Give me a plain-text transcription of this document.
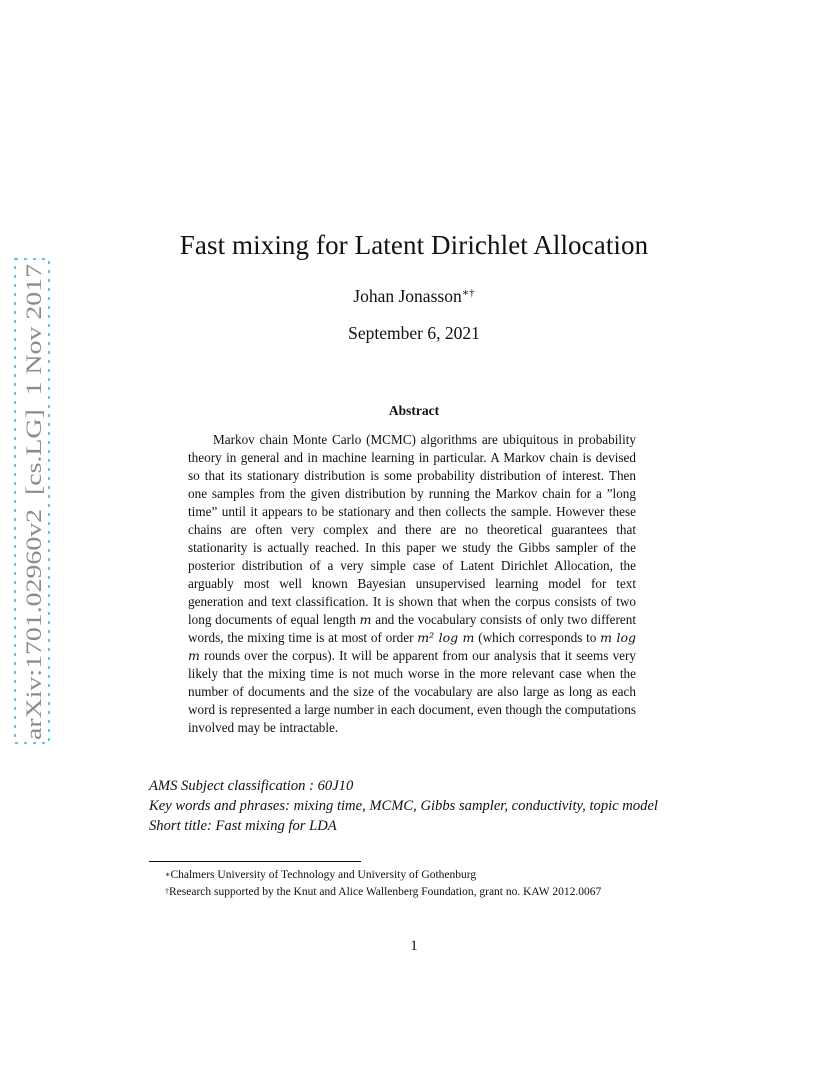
arXiv:1701.02960v2  [cs.LG]  1 Nov 2017
Fast mixing for Latent Dirichlet Allocation
Johan Jonasson∗†
September 6, 2021
Abstract

Markov chain Monte Carlo (MCMC) algorithms are ubiquitous in probability theory in general and in machine learning in particular. A Markov chain is devised so that its stationary distribution is some probability distribution of interest. Then one samples from the given distribution by running the Markov chain for a ”long time” until it appears to be stationary and then collects the sample. However these chains are often very complex and there are no theoretical guarantees that stationarity is actually reached. In this paper we study the Gibbs sampler of the posterior distribution of a very simple case of Latent Dirichlet Allocation, the arguably most well known Bayesian unsupervised learning model for text generation and text classification. It is shown that when the corpus consists of two long documents of equal length m and the vocabulary consists of only two different words, the mixing time is at most of order m² log m (which corresponds to m log m rounds over the corpus). It will be apparent from our analysis that it seems very likely that the mixing time is not much worse in the more relevant case when the number of documents and the size of the vocabulary are also large as long as each word is represented a large number in each document, even though the computations involved may be intractable.

AMS Subject classification : 60J10
Key words and phrases: mixing time, MCMC, Gibbs sampler, conductivity, topic model
Short title: Fast mixing for LDA
∗Chalmers University of Technology and University of Gothenburg
†Research supported by the Knut and Alice Wallenberg Foundation, grant no. KAW 2012.0067
1
